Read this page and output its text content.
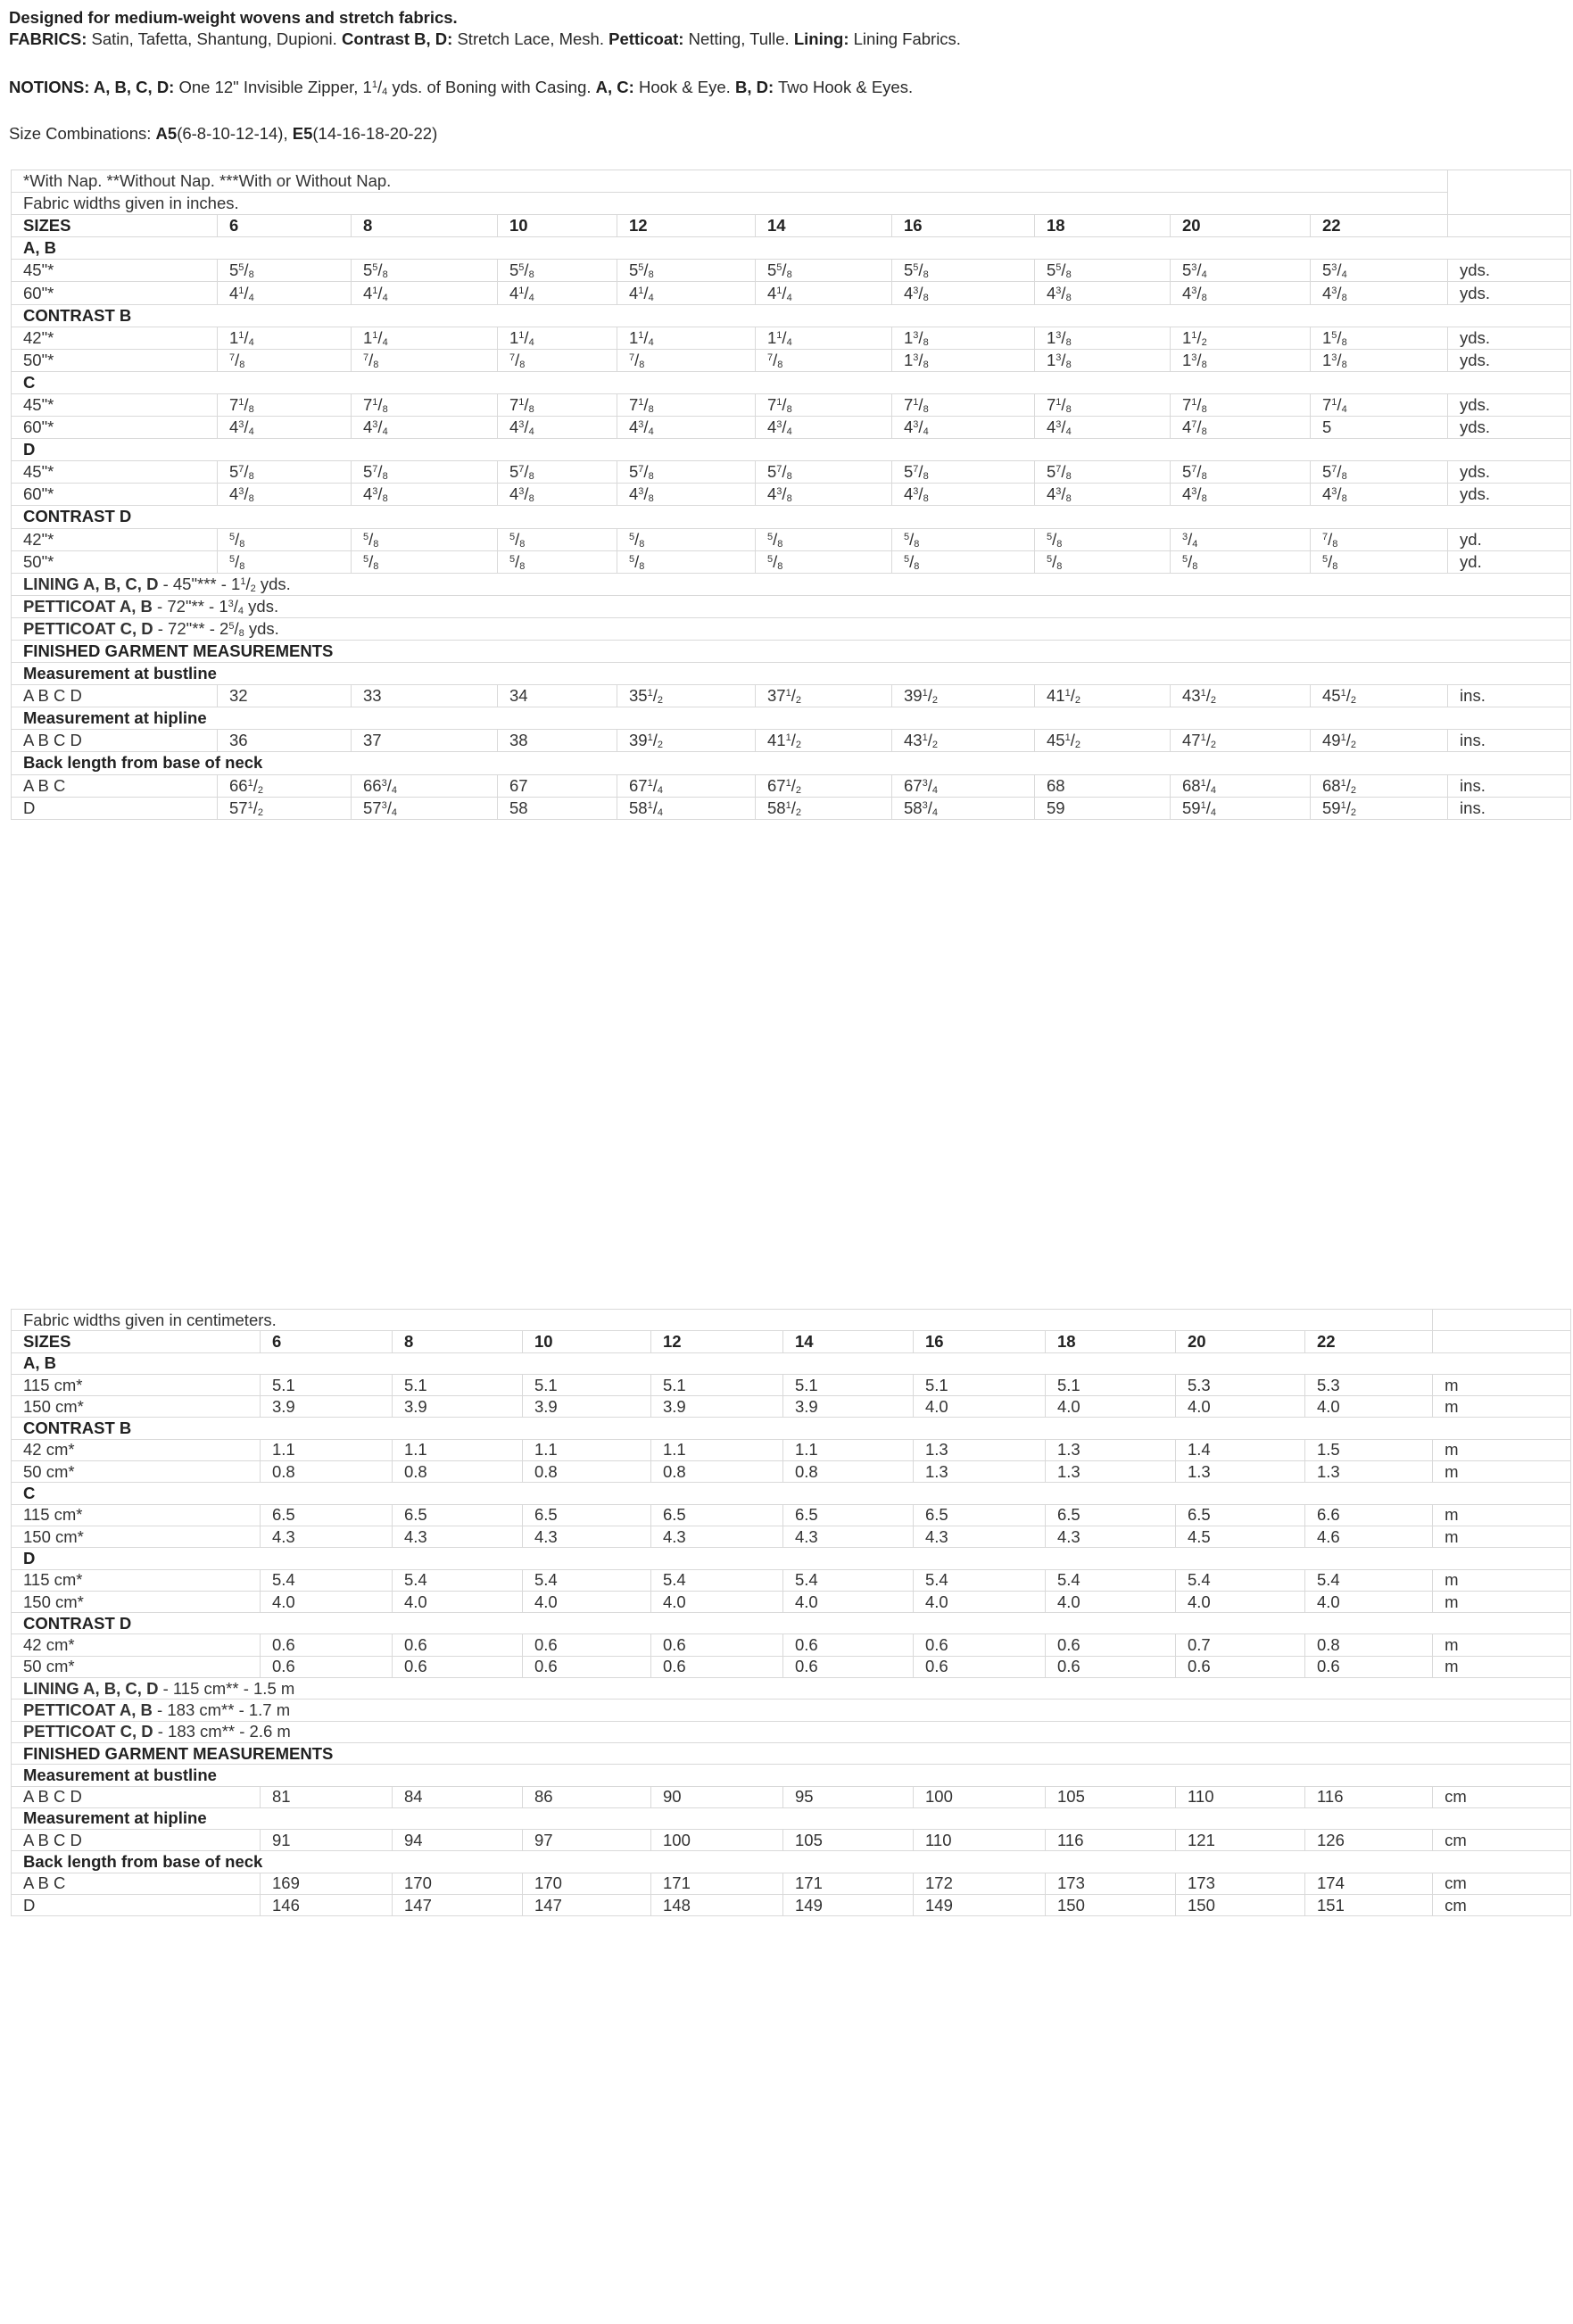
Designed for medium-weight wovens and stretch fabrics.
FABRICS: Satin, Tafetta, Shantung, Dupioni. Contrast B, D: Stretch Lace, Mesh. Petticoat: Netting, Tulle. Lining: Lining Fabrics.
NOTIONS: A, B, C, D: One 12" Invisible Zipper, $1^1/_4$ yds. of Boning with Casing. A, C: Hook & Eye. B, D: Two Hook & Eyes.
Size Combinations: A5(6-8-10-12-14), E5(14-16-18-20-22)
*With Nap. **Without Nap. ***With or Without Nap.										
Fabric widths given in inches.										
SIZES	6	8	10	12	14	16	18	20	22	
A, B										
45"*	$5^5/_8$	$5^5/_8$	$5^5/_8$	$5^5/_8$	$5^5/_8$	$5^5/_8$	$5^5/_8$	$5^3/_4$	$5^3/_4$	yds.
60"*	$4^1/_4$	$4^1/_4$	$4^1/_4$	$4^1/_4$	$4^1/_4$	$4^3/_8$	$4^3/_8$	$4^3/_8$	$4^3/_8$	yds.
CONTRAST B										
42"*	$1^1/_4$	$1^1/_4$	$1^1/_4$	$1^1/_4$	$1^1/_4$	$1^3/_8$	$1^3/_8$	$1^1/_2$	$1^5/_8$	yds.
50"*	$^7/_8$	$^7/_8$	$^7/_8$	$^7/_8$	$^7/_8$	$1^3/_8$	$1^3/_8$	$1^3/_8$	$1^3/_8$	yds.
C										
45"*	$7^1/_8$	$7^1/_8$	$7^1/_8$	$7^1/_8$	$7^1/_8$	$7^1/_8$	$7^1/_8$	$7^1/_8$	$7^1/_4$	yds.
60"*	$4^3/_4$	$4^3/_4$	$4^3/_4$	$4^3/_4$	$4^3/_4$	$4^3/_4$	$4^3/_4$	$4^7/_8$	5	yds.
D										
45"*	$5^7/_8$	$5^7/_8$	$5^7/_8$	$5^7/_8$	$5^7/_8$	$5^7/_8$	$5^7/_8$	$5^7/_8$	$5^7/_8$	yds.
60"*	$4^3/_8$	$4^3/_8$	$4^3/_8$	$4^3/_8$	$4^3/_8$	$4^3/_8$	$4^3/_8$	$4^3/_8$	$4^3/_8$	yds.
CONTRAST D										
42"*	$^5/_8$	$^5/_8$	$^5/_8$	$^5/_8$	$^5/_8$	$^5/_8$	$^5/_8$	$^3/_4$	$^7/_8$	yd.
50"*	$^5/_8$	$^5/_8$	$^5/_8$	$^5/_8$	$^5/_8$	$^5/_8$	$^5/_8$	$^5/_8$	$^5/_8$	yd.
LINING A, B, C, D - 45"*** - $1^1/_2$ yds.										
PETTICOAT A, B - 72"** - $1^3/_4$ yds.										
PETTICOAT C, D - 72"** - $2^5/_8$ yds.										
FINISHED GARMENT MEASUREMENTS										
Measurement at bustline										
A B C D	32	33	34	$35^1/_2$	$37^1/_2$	$39^1/_2$	$41^1/_2$	$43^1/_2$	$45^1/_2$	ins.
Measurement at hipline										
A B C D	36	37	38	$39^1/_2$	$41^1/_2$	$43^1/_2$	$45^1/_2$	$47^1/_2$	$49^1/_2$	ins.
Back length from base of neck										
A B C	$66^1/_2$	$66^3/_4$	67	$67^1/_4$	$67^1/_2$	$67^3/_4$	68	$68^1/_4$	$68^1/_2$	ins.
D	$57^1/_2$	$57^3/_4$	58	$58^1/_4$	$58^1/_2$	$58^3/_4$	59	$59^1/_4$	$59^1/_2$	ins.
Fabric widths given in centimeters.										
SIZES	6	8	10	12	14	16	18	20	22	
A, B										
115 cm*	5.1	5.1	5.1	5.1	5.1	5.1	5.1	5.3	5.3	m
150 cm*	3.9	3.9	3.9	3.9	3.9	4.0	4.0	4.0	4.0	m
CONTRAST B										
42 cm*	1.1	1.1	1.1	1.1	1.1	1.3	1.3	1.4	1.5	m
50 cm*	0.8	0.8	0.8	0.8	0.8	1.3	1.3	1.3	1.3	m
C										
115 cm*	6.5	6.5	6.5	6.5	6.5	6.5	6.5	6.5	6.6	m
150 cm*	4.3	4.3	4.3	4.3	4.3	4.3	4.3	4.5	4.6	m
D										
115 cm*	5.4	5.4	5.4	5.4	5.4	5.4	5.4	5.4	5.4	m
150 cm*	4.0	4.0	4.0	4.0	4.0	4.0	4.0	4.0	4.0	m
CONTRAST D										
42 cm*	0.6	0.6	0.6	0.6	0.6	0.6	0.6	0.7	0.8	m
50 cm*	0.6	0.6	0.6	0.6	0.6	0.6	0.6	0.6	0.6	m
LINING A, B, C, D - 115 cm** - 1.5 m										
PETTICOAT A, B - 183 cm** - 1.7 m										
PETTICOAT C, D - 183 cm** - 2.6 m										
FINISHED GARMENT MEASUREMENTS										
Measurement at bustline										
A B C D	81	84	86	90	95	100	105	110	116	cm
Measurement at hipline										
A B C D	91	94	97	100	105	110	116	121	126	cm
Back length from base of neck										
A B C	169	170	170	171	171	172	173	173	174	cm
D	146	147	147	148	149	149	150	150	151	cm
